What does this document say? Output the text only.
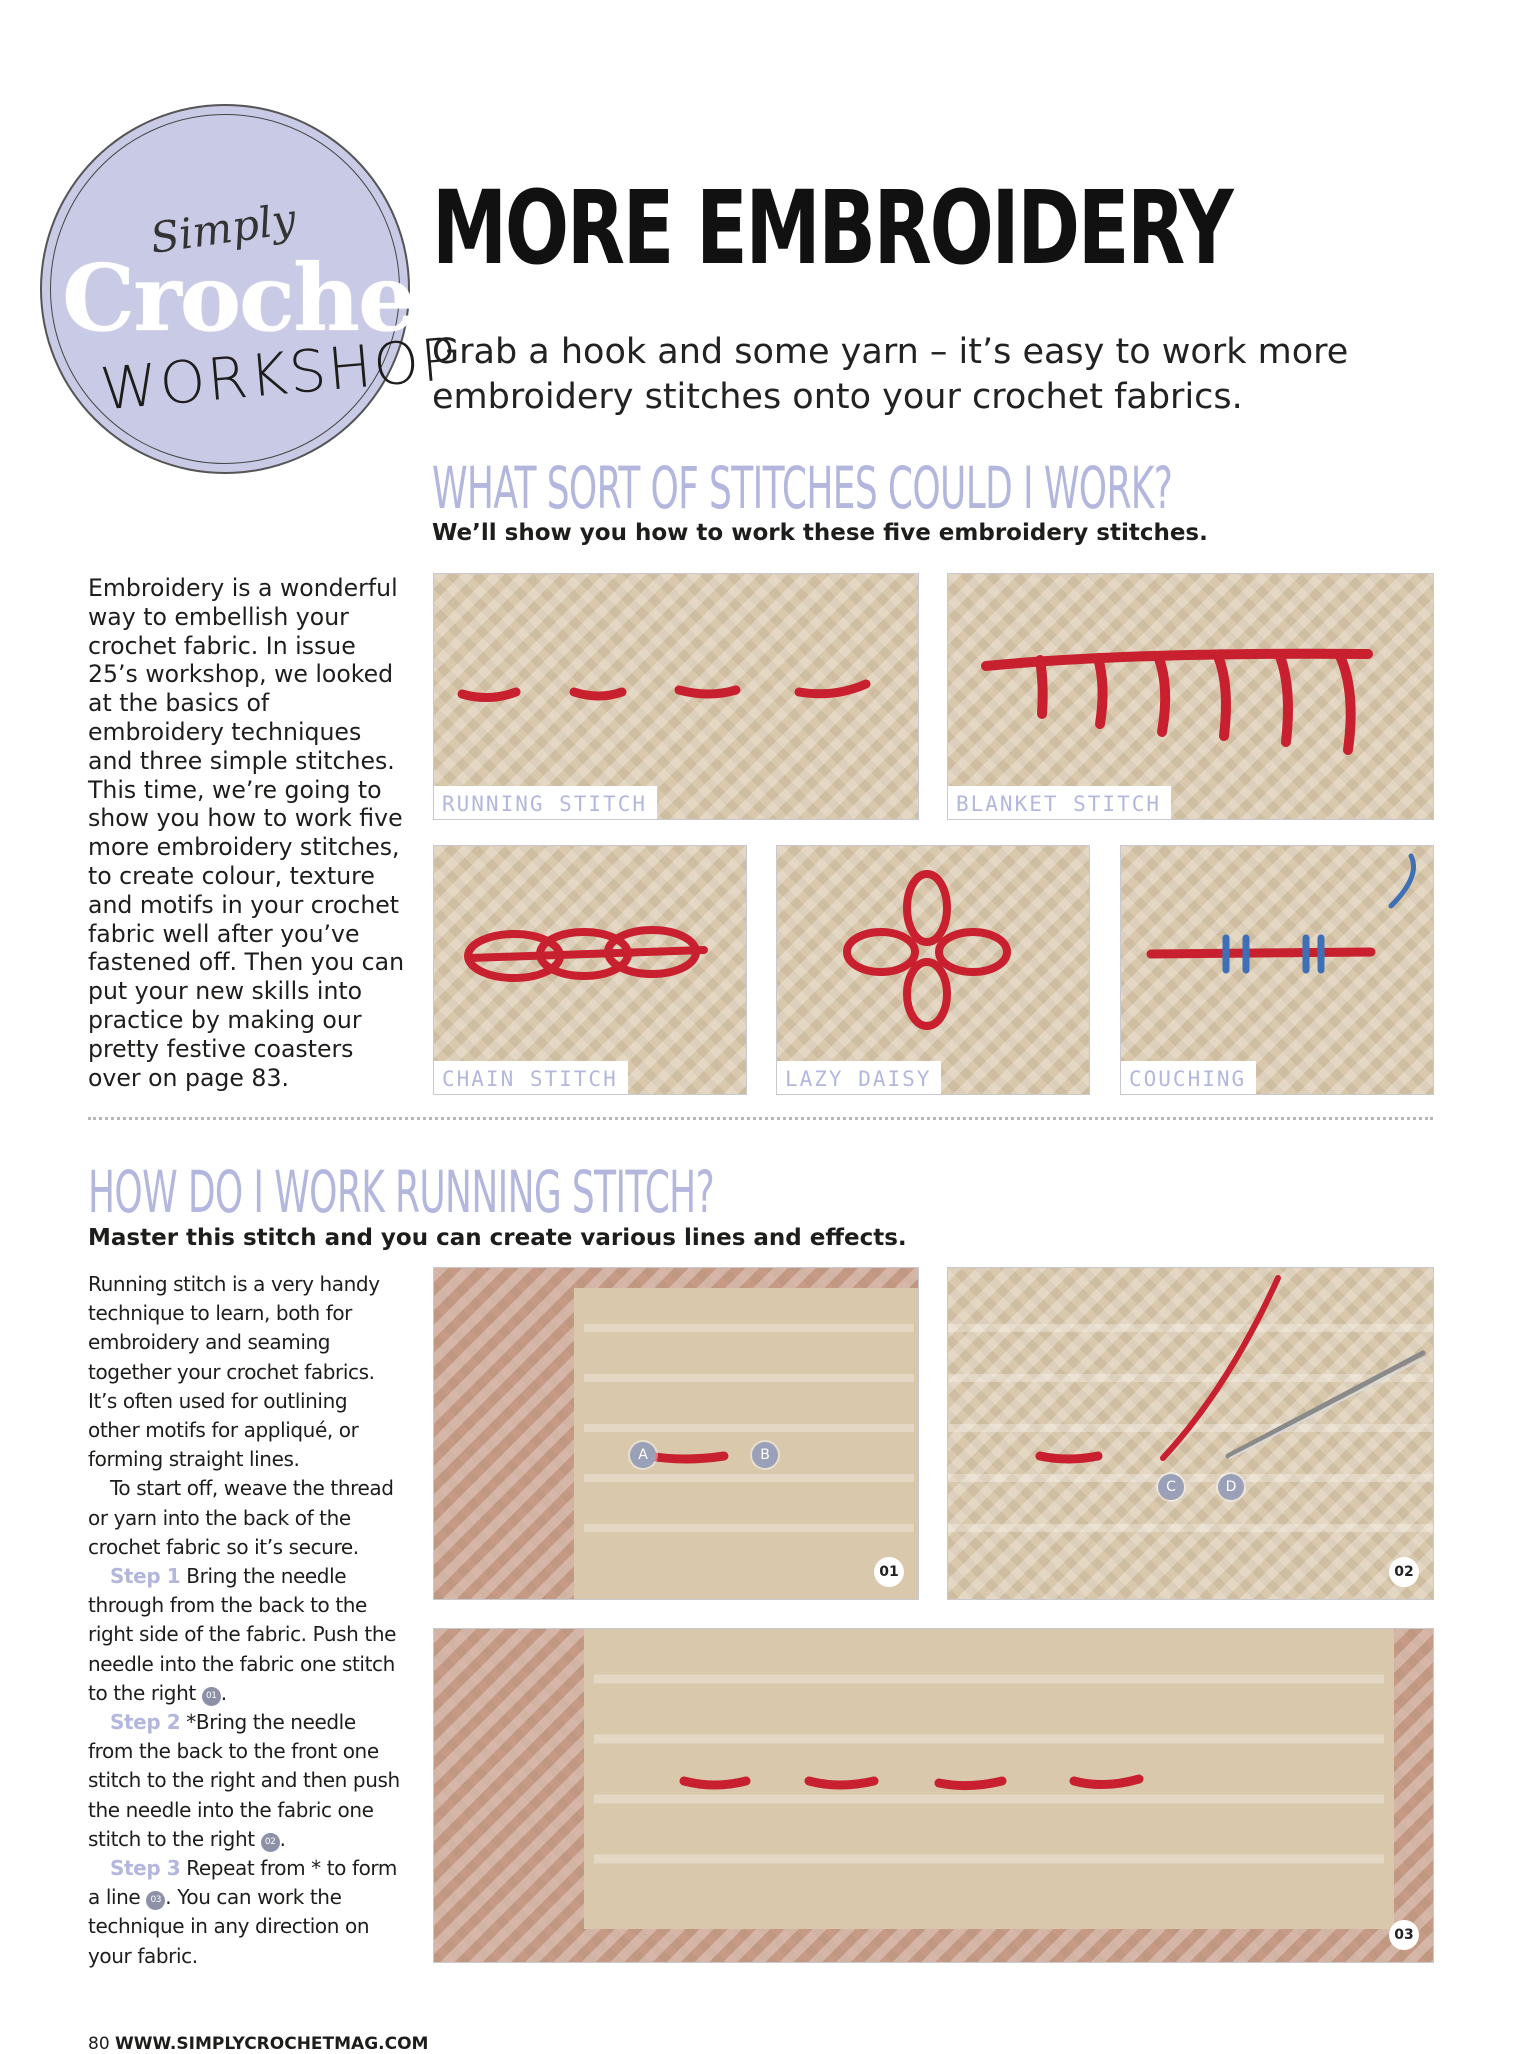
Simply
Crochet
WORKSHOP
MORE EMBROIDERY
Grab a hook and some yarn – it’s easy to work more embroidery stitches onto your crochet fabrics.
WHAT SORT OF STITCHES COULD I WORK?
We’ll show you how to work these five embroidery stitches.
Embroidery is a wonderful way to embellish your crochet fabric. In issue 25’s workshop, we looked at the basics of embroidery techniques and three simple stitches. This time, we’re going to show you how to work five more embroidery stitches, to create colour, texture and motifs in your crochet fabric well after you’ve fastened off. Then you can put your new skills into practice by making our pretty festive coasters over on page 83.
RUNNING STITCH	BLANKET STITCH
CHAIN STITCH	LAZY DAISY	COUCHING
HOW DO I WORK RUNNING STITCH?
Master this stitch and you can create various lines and effects.

Running stitch is a very handy technique to learn, both for embroidery and seaming together your crochet fabrics. It’s often used for outlining other motifs for appliqué, or forming straight lines.

To start off, weave the thread or yarn into the back of the crochet fabric so it’s secure.

Step 1 Bring the needle through from the back to the right side of the fabric. Push the needle into the fabric one stitch to the right 01 .

Step 2 *Bring the needle from the back to the front one stitch to the right and then push the needle into the fabric one stitch to the right 02 .

Step 3 Repeat from * to form a line 03 . You can work the technique in any direction on your fabric.

A	B
01
C	D
02
03
80 WWW.SIMPLYCROCHETMAG.COM
